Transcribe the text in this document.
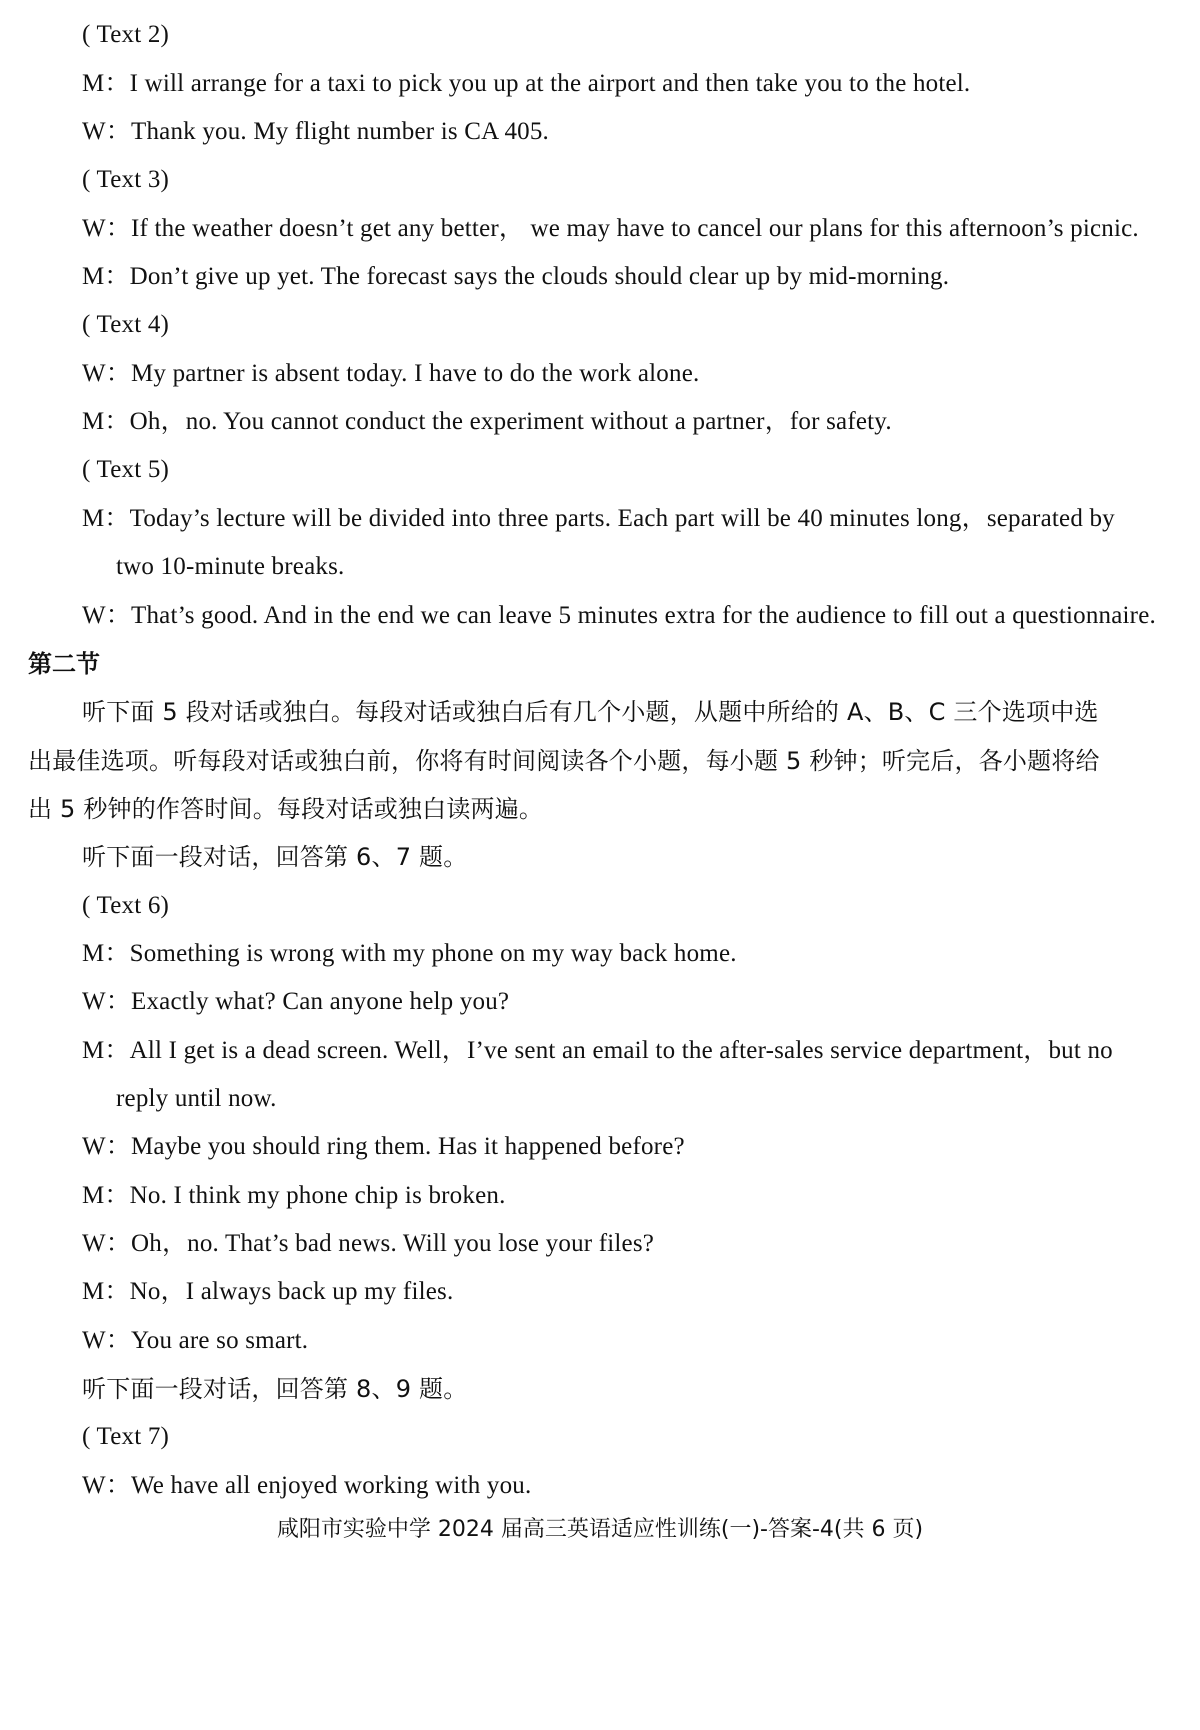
( Text 2)
M：I will arrange for a taxi to pick you up at the airport and then take you to the hotel.
W：Thank you. My flight number is CA 405.
( Text 3)
W：If the weather doesn’t get any better， we may have to cancel our plans for this afternoon’s picnic.
M：Don’t give up yet. The forecast says the clouds should clear up by mid-morning.
( Text 4)
W：My partner is absent today. I have to do the work alone.
M：Oh，no. You cannot conduct the experiment without a partner，for safety.
( Text 5)
M：Today’s lecture will be divided into three parts. Each part will be 40 minutes long，separated by
two 10-minute breaks.
W：That’s good. And in the end we can leave 5 minutes extra for the audience to fill out a questionnaire.
第二节
听下面 5 段对话或独白。每段对话或独白后有几个小题，从题中所给的 A、B、C 三个选项中选
出最佳选项。听每段对话或独白前，你将有时间阅读各个小题，每小题 5 秒钟；听完后，各小题将给
出 5 秒钟的作答时间。每段对话或独白读两遍。
听下面一段对话，回答第 6、7 题。
( Text 6)
M：Something is wrong with my phone on my way back home.
W：Exactly what? Can anyone help you?
M：All I get is a dead screen. Well，I’ve sent an email to the after-sales service department，but no
reply until now.
W：Maybe you should ring them. Has it happened before?
M：No. I think my phone chip is broken.
W：Oh，no. That’s bad news. Will you lose your files?
M：No，I always back up my files.
W：You are so smart.
听下面一段对话，回答第 8、9 题。
( Text 7)
W：We have all enjoyed working with you.
咸阳市实验中学 2024 届高三英语适应性训练(一)-答案-4(共 6 页)
